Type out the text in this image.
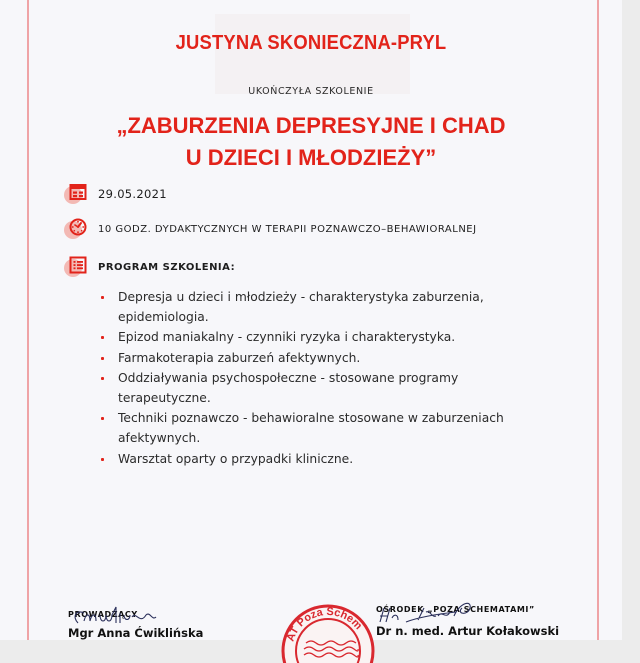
JUSTYNA SKONIECZNA-PRYL
UKOŃCZYŁA SZKOLENIE
„ZABURZENIA DEPRESYJNE I CHAD
U DZIECI I MŁODZIEŻY”
29.05.2021
10 GODZ. DYDAKTYCZNYCH W TERAPII POZNAWCZO–BEHAWIORALNEJ
PROGRAM SZKOLENIA:
Depresja u dzieci i młodzieży - charakterystyka zaburzenia,
epidemiologia.
Epizod maniakalny - czynniki ryzyka i charakterystyka.
Farmakoterapia zaburzeń afektywnych.
Oddziaływania psychospołeczne - stosowane programy
terapeutyczne.
Techniki poznawczo - behawioralne stosowane w zaburzeniach
afektywnych.
Warsztat oparty o przypadki kliniczne.
PROWADZĄCY
Mgr Anna Ćwiklińska	AT Poza Schem
OŚRODEK „POZA SCHEMATAMI”
Dr n. med. Artur Kołakowski
